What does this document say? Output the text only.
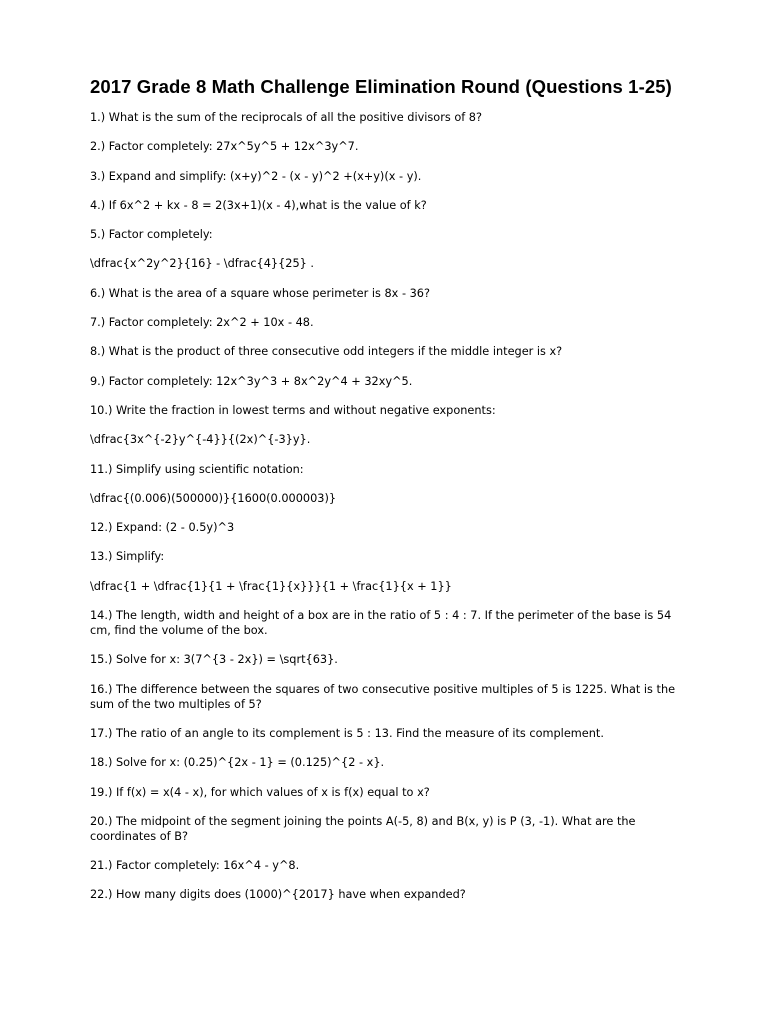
2017 Grade 8 Math Challenge Elimination Round (Questions 1-25)
1.) What is the sum of the reciprocals of all the positive divisors of 8?
2.) Factor completely: 27x^5y^5 + 12x^3y^7.
3.) Expand and simplify: (x+y)^2 - (x - y)^2 +(x+y)(x - y).
4.) If 6x^2 + kx - 8 = 2(3x+1)(x - 4),what is the value of k?
5.) Factor completely:
\dfrac{x^2y^2}{16} - \dfrac{4}{25} .
6.) What is the area of a square whose perimeter is 8x - 36?
7.) Factor completely: 2x^2 + 10x - 48.
8.) What is the product of three consecutive odd integers if the middle integer is x?
9.) Factor completely: 12x^3y^3 + 8x^2y^4 + 32xy^5.
10.) Write the fraction in lowest terms and without negative exponents:
\dfrac{3x^{-2}y^{-4}}{(2x)^{-3}y}.
11.) Simplify using scientific notation:
\dfrac{(0.006)(500000)}{1600(0.000003)}
12.) Expand: (2 - 0.5y)^3
13.) Simplify:
\dfrac{1 + \dfrac{1}{1 + \frac{1}{x}}}{1 + \frac{1}{x + 1}}
14.) The length, width and height of a box are in the ratio of 5 : 4 : 7. If the perimeter of the base is 54 cm, find the volume of the box.
15.) Solve for x: 3(7^{3 - 2x}) = \sqrt{63}.
16.) The difference between the squares of two consecutive positive multiples of 5 is 1225. What is the sum of the two multiples of 5?
17.) The ratio of an angle to its complement is 5 : 13. Find the measure of its complement.
18.) Solve for x: (0.25)^{2x - 1} = (0.125)^{2 - x}.
19.) If f(x) = x(4 - x), for which values of x is f(x) equal to x?
20.) The midpoint of the segment joining the points A(-5, 8) and B(x, y) is P (3, -1). What are the coordinates of B?
21.) Factor completely: 16x^4 - y^8.
22.) How many digits does (1000)^{2017} have when expanded?
